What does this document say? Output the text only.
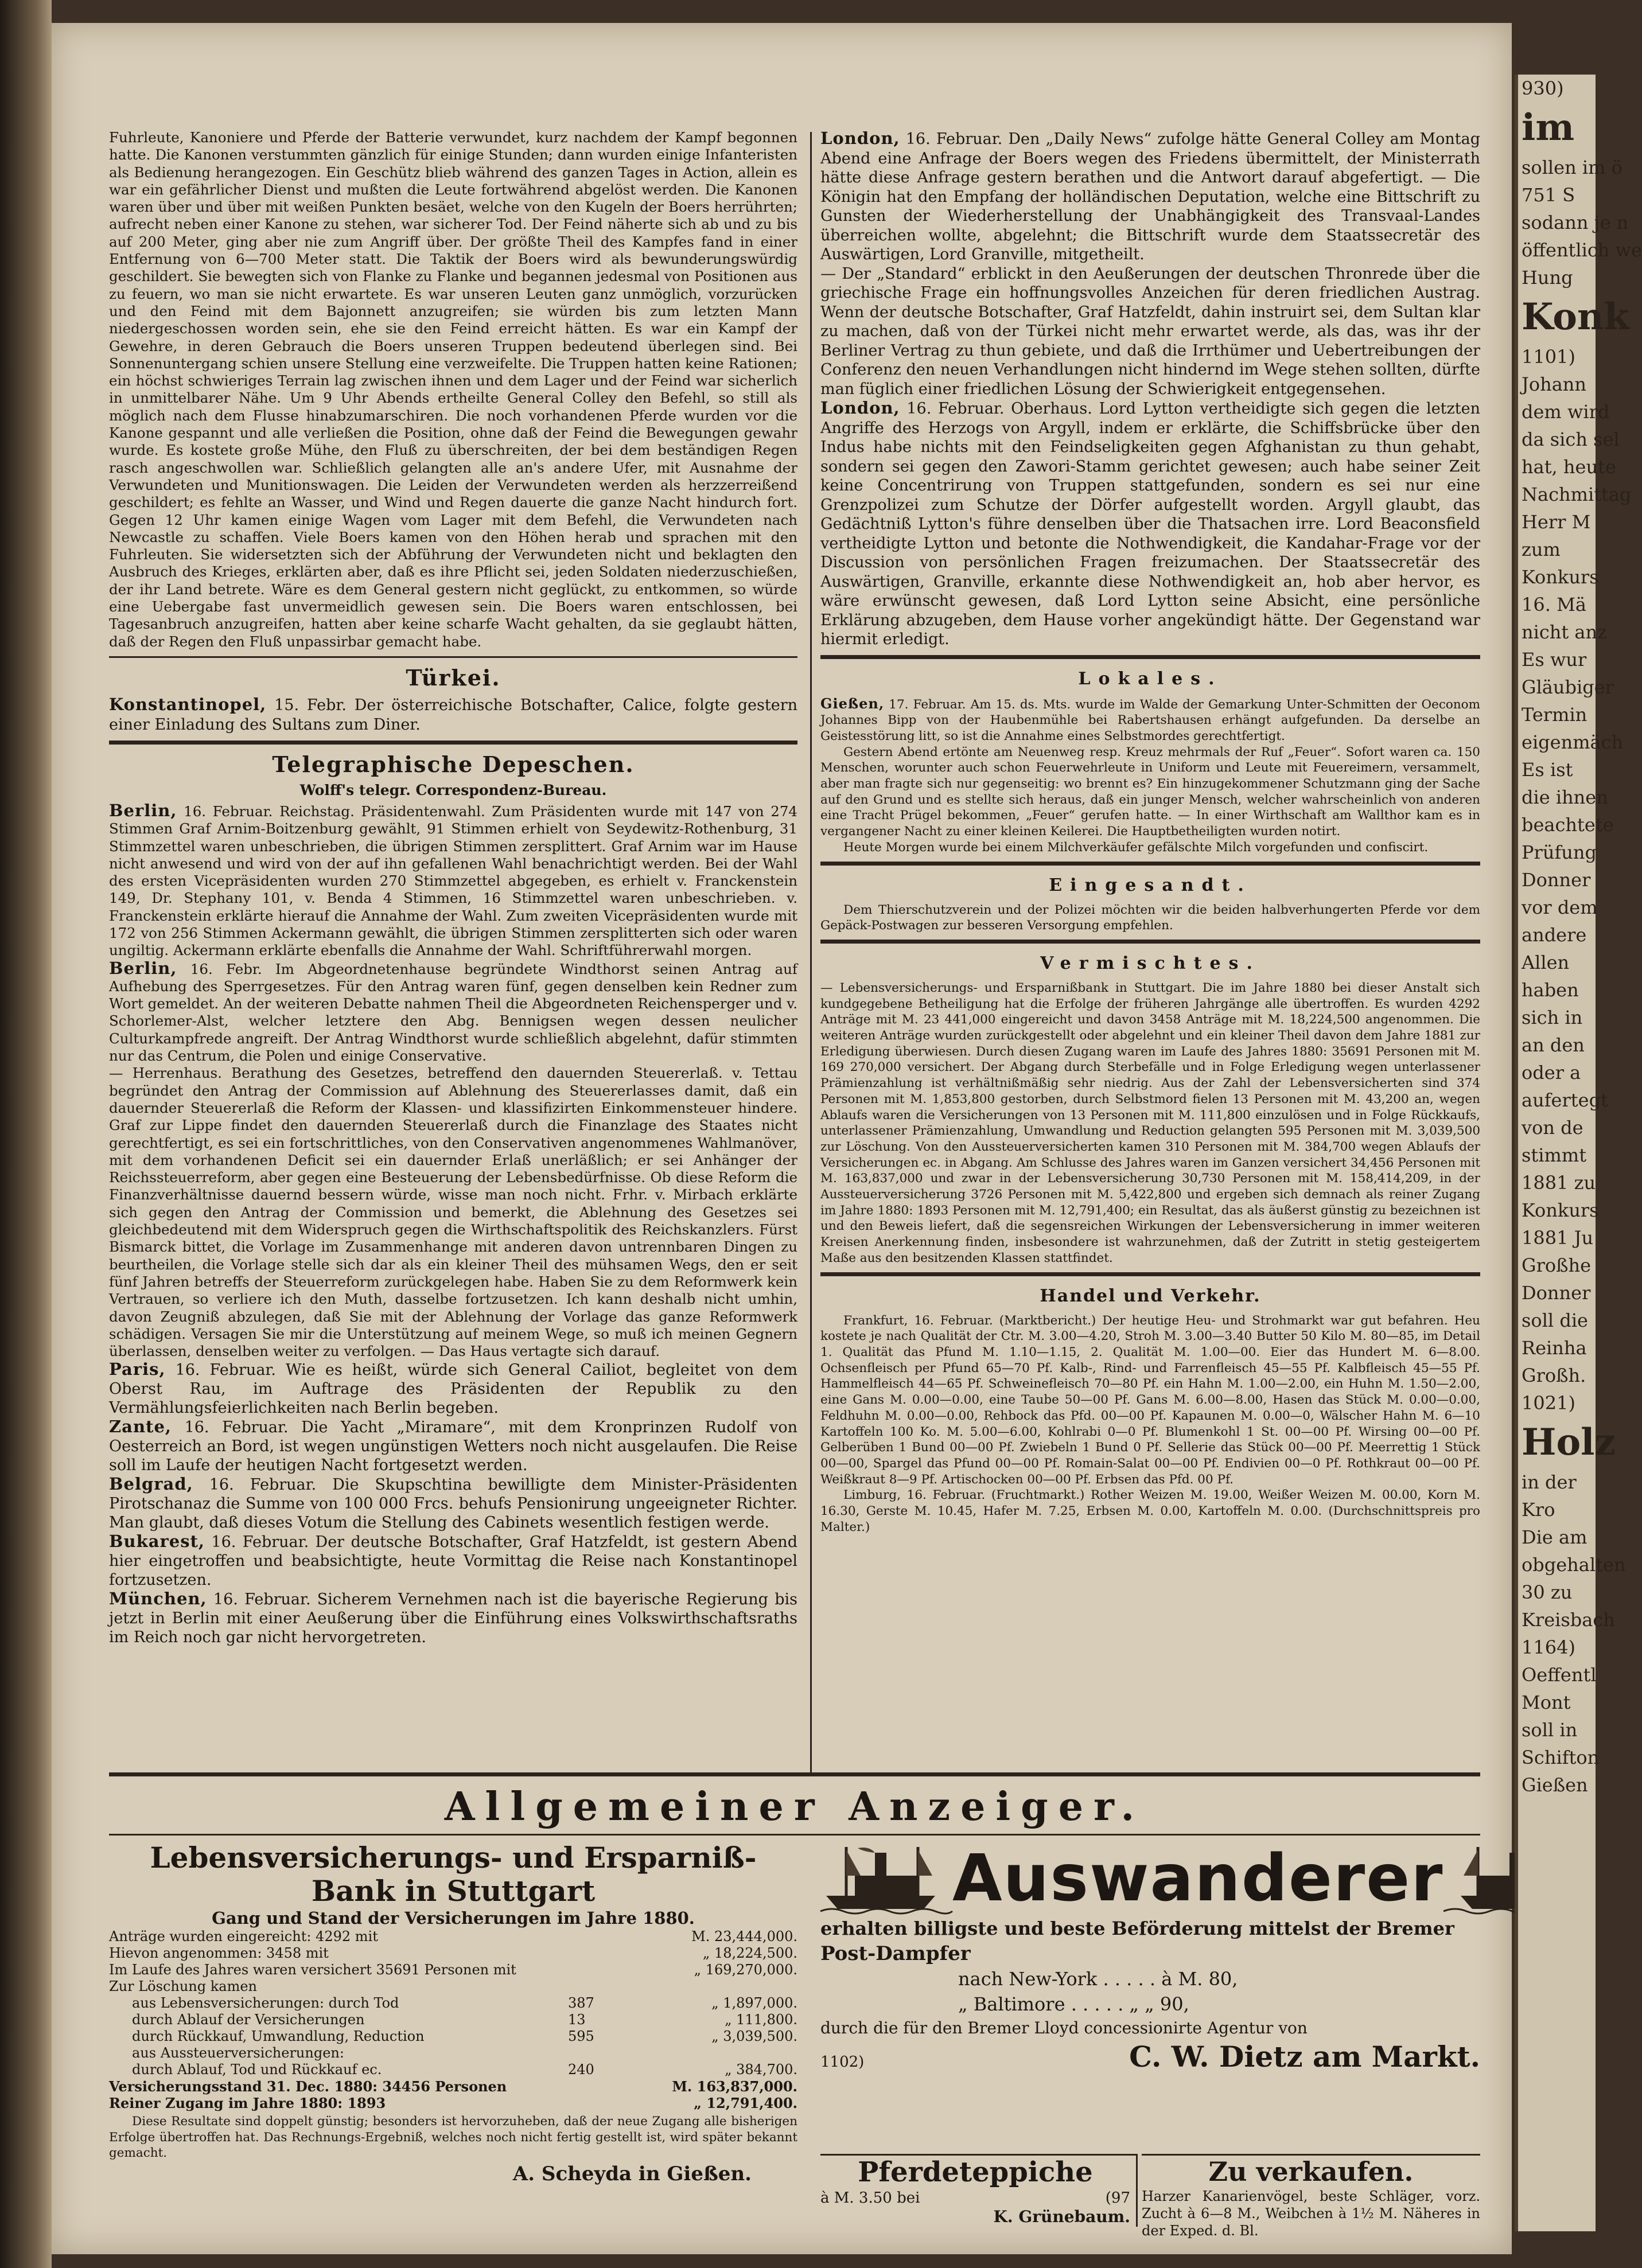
Fuhrleute, Kanoniere und Pferde der Batterie verwundet, kurz nachdem der Kampf begonnen hatte. Die Kanonen verstummten gänzlich für einige Stunden; dann wurden einige Infanteristen als Bedienung herangezogen. Ein Geschütz blieb während des ganzen Tages in Action, allein es war ein gefährlicher Dienst und mußten die Leute fortwährend abgelöst werden. Die Kanonen waren über und über mit weißen Punkten besäet, welche von den Kugeln der Boers herrührten; aufrecht neben einer Kanone zu stehen, war sicherer Tod. Der Feind näherte sich ab und zu bis auf 200 Meter, ging aber nie zum Angriff über. Der größte Theil des Kampfes fand in einer Entfernung von 6—700 Meter statt. Die Taktik der Boers wird als bewunderungswürdig geschildert. Sie bewegten sich von Flanke zu Flanke und begannen jedesmal von Positionen aus zu feuern, wo man sie nicht erwartete. Es war unseren Leuten ganz unmöglich, vorzurücken und den Feind mit dem Bajonnett anzugreifen; sie würden bis zum letzten Mann niedergeschossen worden sein, ehe sie den Feind erreicht hätten. Es war ein Kampf der Gewehre, in deren Gebrauch die Boers unseren Truppen bedeutend überlegen sind. Bei Sonnenuntergang schien unsere Stellung eine verzweifelte. Die Truppen hatten keine Rationen; ein höchst schwieriges Terrain lag zwischen ihnen und dem Lager und der Feind war sicherlich in unmittelbarer Nähe. Um 9 Uhr Abends ertheilte General Colley den Befehl, so still als möglich nach dem Flusse hinabzumarschiren. Die noch vorhandenen Pferde wurden vor die Kanone gespannt und alle verließen die Position, ohne daß der Feind die Bewegungen gewahr wurde. Es kostete große Mühe, den Fluß zu überschreiten, der bei dem beständigen Regen rasch angeschwollen war. Schließlich gelangten alle an's andere Ufer, mit Ausnahme der Verwundeten und Munitionswagen. Die Leiden der Verwundeten werden als herzzerreißend geschildert; es fehlte an Wasser, und Wind und Regen dauerte die ganze Nacht hindurch fort. Gegen 12 Uhr kamen einige Wagen vom Lager mit dem Befehl, die Verwundeten nach Newcastle zu schaffen. Viele Boers kamen von den Höhen herab und sprachen mit den Fuhrleuten. Sie widersetzten sich der Abführung der Verwundeten nicht und beklagten den Ausbruch des Krieges, erklärten aber, daß es ihre Pflicht sei, jeden Soldaten niederzuschießen, der ihr Land betrete. Wäre es dem General gestern nicht geglückt, zu entkommen, so würde eine Uebergabe fast unvermeidlich gewesen sein. Die Boers waren entschlossen, bei Tagesanbruch anzugreifen, hatten aber keine scharfe Wacht gehalten, da sie geglaubt hätten, daß der Regen den Fluß unpassirbar gemacht habe.

Türkei.

Konstantinopel, 15. Febr. Der österreichische Botschafter, Calice, folgte gestern einer Einladung des Sultans zum Diner.

Telegraphische Depeschen.
Wolff's telegr. Correspondenz-Bureau.

Berlin, 16. Februar. Reichstag. Präsidentenwahl. Zum Präsidenten wurde mit 147 von 274 Stimmen Graf Arnim-Boitzenburg gewählt, 91 Stimmen erhielt von Seydewitz-Rothenburg, 31 Stimmzettel waren unbeschrieben, die übrigen Stimmen zersplittert. Graf Arnim war im Hause nicht anwesend und wird von der auf ihn gefallenen Wahl benachrichtigt werden. Bei der Wahl des ersten Vicepräsidenten wurden 270 Stimmzettel abgegeben, es erhielt v. Franckenstein 149, Dr. Stephany 101, v. Benda 4 Stimmen, 16 Stimmzettel waren unbeschrieben. v. Franckenstein erklärte hierauf die Annahme der Wahl. Zum zweiten Vicepräsidenten wurde mit 172 von 256 Stimmen Ackermann gewählt, die übrigen Stimmen zersplitterten sich oder waren ungiltig. Ackermann erklärte ebenfalls die Annahme der Wahl. Schriftführerwahl morgen.

Berlin, 16. Febr. Im Abgeordnetenhause begründete Windthorst seinen Antrag auf Aufhebung des Sperrgesetzes. Für den Antrag waren fünf, gegen denselben kein Redner zum Wort gemeldet. An der weiteren Debatte nahmen Theil die Abgeordneten Reichensperger und v. Schorlemer-Alst, welcher letztere den Abg. Bennigsen wegen dessen neulicher Culturkampfrede angreift. Der Antrag Windthorst wurde schließlich abgelehnt, dafür stimmten nur das Centrum, die Polen und einige Conservative.

— Herrenhaus. Berathung des Gesetzes, betreffend den dauernden Steuererlaß. v. Tettau begründet den Antrag der Commission auf Ablehnung des Steuererlasses damit, daß ein dauernder Steuererlaß die Reform der Klassen- und klassifizirten Einkommensteuer hindere. Graf zur Lippe findet den dauernden Steuererlaß durch die Finanzlage des Staates nicht gerechtfertigt, es sei ein fortschrittliches, von den Conservativen angenommenes Wahlmanöver, mit dem vorhandenen Deficit sei ein dauernder Erlaß unerläßlich; er sei Anhänger der Reichssteuerreform, aber gegen eine Besteuerung der Lebensbedürfnisse. Ob diese Reform die Finanzverhältnisse dauernd bessern würde, wisse man noch nicht. Frhr. v. Mirbach erklärte sich gegen den Antrag der Commission und bemerkt, die Ablehnung des Gesetzes sei gleichbedeutend mit dem Widerspruch gegen die Wirthschaftspolitik des Reichskanzlers. Fürst Bismarck bittet, die Vorlage im Zusammenhange mit anderen davon untrennbaren Dingen zu beurtheilen, die Vorlage stelle sich dar als ein kleiner Theil des mühsamen Wegs, den er seit fünf Jahren betreffs der Steuerreform zurückgelegen habe. Haben Sie zu dem Reformwerk kein Vertrauen, so verliere ich den Muth, dasselbe fortzusetzen. Ich kann deshalb nicht umhin, davon Zeugniß abzulegen, daß Sie mit der Ablehnung der Vorlage das ganze Reformwerk schädigen. Versagen Sie mir die Unterstützung auf meinem Wege, so muß ich meinen Gegnern überlassen, denselben weiter zu verfolgen. — Das Haus vertagte sich darauf.

Paris, 16. Februar. Wie es heißt, würde sich General Cailiot, begleitet von dem Oberst Rau, im Auftrage des Präsidenten der Republik zu den Vermählungsfeierlichkeiten nach Berlin begeben.

Zante, 16. Februar. Die Yacht „Miramare“, mit dem Kronprinzen Rudolf von Oesterreich an Bord, ist wegen ungünstigen Wetters noch nicht ausgelaufen. Die Reise soll im Laufe der heutigen Nacht fortgesetzt werden.

Belgrad, 16. Februar. Die Skupschtina bewilligte dem Minister-Präsidenten Pirotschanaz die Summe von 100 000 Frcs. behufs Pensionirung ungeeigneter Richter. Man glaubt, daß dieses Votum die Stellung des Cabinets wesentlich festigen werde.

Bukarest, 16. Februar. Der deutsche Botschafter, Graf Hatzfeldt, ist gestern Abend hier eingetroffen und beabsichtigte, heute Vormittag die Reise nach Konstantinopel fortzusetzen.

München, 16. Februar. Sicherem Vernehmen nach ist die bayerische Regierung bis jetzt in Berlin mit einer Aeußerung über die Einführung eines Volkswirthschaftsraths im Reich noch gar nicht hervorgetreten.

London, 16. Februar. Den „Daily News“ zufolge hätte General Colley am Montag Abend eine Anfrage der Boers wegen des Friedens übermittelt, der Ministerrath hätte diese Anfrage gestern berathen und die Antwort darauf abgefertigt. — Die Königin hat den Empfang der holländischen Deputation, welche eine Bittschrift zu Gunsten der Wiederherstellung der Unabhängigkeit des Transvaal-Landes überreichen wollte, abgelehnt; die Bittschrift wurde dem Staatssecretär des Auswärtigen, Lord Granville, mitgetheilt.

— Der „Standard“ erblickt in den Aeußerungen der deutschen Thronrede über die griechische Frage ein hoffnungsvolles Anzeichen für deren friedlichen Austrag. Wenn der deutsche Botschafter, Graf Hatzfeldt, dahin instruirt sei, dem Sultan klar zu machen, daß von der Türkei nicht mehr erwartet werde, als das, was ihr der Berliner Vertrag zu thun gebiete, und daß die Irrthümer und Uebertreibungen der Conferenz den neuen Verhandlungen nicht hindernd im Wege stehen sollten, dürfte man füglich einer friedlichen Lösung der Schwierigkeit entgegensehen.

London, 16. Februar. Oberhaus. Lord Lytton vertheidigte sich gegen die letzten Angriffe des Herzogs von Argyll, indem er erklärte, die Schiffsbrücke über den Indus habe nichts mit den Feindseligkeiten gegen Afghanistan zu thun gehabt, sondern sei gegen den Zawori-Stamm gerichtet gewesen; auch habe seiner Zeit keine Concentrirung von Truppen stattgefunden, sondern es sei nur eine Grenzpolizei zum Schutze der Dörfer aufgestellt worden. Argyll glaubt, das Gedächtniß Lytton's führe denselben über die Thatsachen irre. Lord Beaconsfield vertheidigte Lytton und betonte die Nothwendigkeit, die Kandahar-Frage vor der Discussion von persönlichen Fragen freizumachen. Der Staatssecretär des Auswärtigen, Granville, erkannte diese Nothwendigkeit an, hob aber hervor, es wäre erwünscht gewesen, daß Lord Lytton seine Absicht, eine persönliche Erklärung abzugeben, dem Hause vorher angekündigt hätte. Der Gegenstand war hiermit erledigt.

Lokales.

Gießen, 17. Februar. Am 15. ds. Mts. wurde im Walde der Gemarkung Unter-Schmitten der Oeconom Johannes Bipp von der Haubenmühle bei Rabertshausen erhängt aufgefunden. Da derselbe an Geistesstörung litt, so ist die Annahme eines Selbstmordes gerechtfertigt.

Gestern Abend ertönte am Neuenweg resp. Kreuz mehrmals der Ruf „Feuer“. Sofort waren ca. 150 Menschen, worunter auch schon Feuerwehrleute in Uniform und Leute mit Feuereimern, versammelt, aber man fragte sich nur gegenseitig: wo brennt es? Ein hinzugekommener Schutzmann ging der Sache auf den Grund und es stellte sich heraus, daß ein junger Mensch, welcher wahrscheinlich von anderen eine Tracht Prügel bekommen, „Feuer“ gerufen hatte. — In einer Wirthschaft am Wallthor kam es in vergangener Nacht zu einer kleinen Keilerei. Die Hauptbetheiligten wurden notirt.

Heute Morgen wurde bei einem Milchverkäufer gefälschte Milch vorgefunden und confiscirt.

Eingesandt.

Dem Thierschutzverein und der Polizei möchten wir die beiden halbverhungerten Pferde vor dem Gepäck-Postwagen zur besseren Versorgung empfehlen.

Vermischtes.

— Lebensversicherungs- und Ersparnißbank in Stuttgart. Die im Jahre 1880 bei dieser Anstalt sich kundgegebene Betheiligung hat die Erfolge der früheren Jahrgänge alle übertroffen. Es wurden 4292 Anträge mit M. 23 441,000 eingereicht und davon 3458 Anträge mit M. 18,224,500 angenommen. Die weiteren Anträge wurden zurückgestellt oder abgelehnt und ein kleiner Theil davon dem Jahre 1881 zur Erledigung überwiesen. Durch diesen Zugang waren im Laufe des Jahres 1880: 35691 Personen mit M. 169 270,000 versichert. Der Abgang durch Sterbefälle und in Folge Erledigung wegen unterlassener Prämienzahlung ist verhältnißmäßig sehr niedrig. Aus der Zahl der Lebensversicherten sind 374 Personen mit M. 1,853,800 gestorben, durch Selbstmord fielen 13 Personen mit M. 43,200 an, wegen Ablaufs waren die Versicherungen von 13 Personen mit M. 111,800 einzulösen und in Folge Rückkaufs, unterlassener Prämienzahlung, Umwandlung und Reduction gelangten 595 Personen mit M. 3,039,500 zur Löschung. Von den Aussteuerversicherten kamen 310 Personen mit M. 384,700 wegen Ablaufs der Versicherungen ec. in Abgang. Am Schlusse des Jahres waren im Ganzen versichert 34,456 Personen mit M. 163,837,000 und zwar in der Lebensversicherung 30,730 Personen mit M. 158,414,209, in der Aussteuerversicherung 3726 Personen mit M. 5,422,800 und ergeben sich demnach als reiner Zugang im Jahre 1880: 1893 Personen mit M. 12,791,400; ein Resultat, das als äußerst günstig zu bezeichnen ist und den Beweis liefert, daß die segensreichen Wirkungen der Lebensversicherung in immer weiteren Kreisen Anerkennung finden, insbesondere ist wahrzunehmen, daß der Zutritt in stetig gesteigertem Maße aus den besitzenden Klassen stattfindet.

Handel und Verkehr.

Frankfurt, 16. Februar. (Marktbericht.) Der heutige Heu- und Strohmarkt war gut befahren. Heu kostete je nach Qualität der Ctr. M. 3.00—4.20, Stroh M. 3.00—3.40 Butter 50 Kilo M. 80—85, im Detail 1. Qualität das Pfund M. 1.10—1.15, 2. Qualität M. 1.00—00. Eier das Hundert M. 6—8.00. Ochsenfleisch per Pfund 65—70 Pf. Kalb-, Rind- und Farrenfleisch 45—55 Pf. Kalbfleisch 45—55 Pf. Hammelfleisch 44—65 Pf. Schweinefleisch 70—80 Pf. ein Hahn M. 1.00—2.00, ein Huhn M. 1.50—2.00, eine Gans M. 0.00—0.00, eine Taube 50—00 Pf. Gans M. 6.00—8.00, Hasen das Stück M. 0.00—0.00, Feldhuhn M. 0.00—0.00, Rehbock das Pfd. 00—00 Pf. Kapaunen M. 0.00—0, Wälscher Hahn M. 6—10 Kartoffeln 100 Ko. M. 5.00—6.00, Kohlrabi 0—0 Pf. Blumenkohl 1 St. 00—00 Pf. Wirsing 00—00 Pf. Gelberüben 1 Bund 00—00 Pf. Zwiebeln 1 Bund 0 Pf. Sellerie das Stück 00—00 Pf. Meerrettig 1 Stück 00—00, Spargel das Pfund 00—00 Pf. Romain-Salat 00—00 Pf. Endivien 00—0 Pf. Rothkraut 00—00 Pf. Weißkraut 8—9 Pf. Artischocken 00—00 Pf. Erbsen das Pfd. 00 Pf.

Limburg, 16. Februar. (Fruchtmarkt.) Rother Weizen M. 19.00, Weißer Weizen M. 00.00, Korn M. 16.30, Gerste M. 10.45, Hafer M. 7.25, Erbsen M. 0.00, Kartoffeln M. 0.00. (Durchschnittspreis pro Malter.)

Allgemeiner Anzeiger.
Lebensversicherungs- und Ersparniß-
Bank in Stuttgart
Gang und Stand der Versicherungen im Jahre 1880.
Anträge wurden eingereicht: 4292 mit	M. 23,444,000.
Hievon angenommen: 3458 mit	„ 18,224,500.
Im Laufe des Jahres waren versichert 35691 Personen mit	„ 169,270,000.
Zur Löschung kamen
aus Lebensversicherungen: durch Tod	387	„ 1,897,000.
durch Ablauf der Versicherungen	13	„ 111,800.
durch Rückkauf, Umwandlung, Reduction	595	„ 3,039,500.
aus Aussteuerversicherungen:
durch Ablauf, Tod und Rückkauf ec.	240	„ 384,700.
Versicherungsstand 31. Dec. 1880: 34456 Personen	M. 163,837,000.
Reiner Zugang im Jahre 1880: 1893	„ 12,791,400.

Diese Resultate sind doppelt günstig; besonders ist hervorzuheben, daß der neue Zugang alle bisherigen Erfolge übertroffen hat. Das Rechnungs-Ergebniß, welches noch nicht fertig gestellt ist, wird später bekannt gemacht.

A. Scheyda in Gießen.
Auswanderer
erhalten billigste und beste Beförderung mittelst der Bremer
Post-Dampfer
nach New-York . . . . . à M. 80,
„ Baltimore . . . . . „ „ 90,
durch die für den Bremer Lloyd concessionirte Agentur von
1102)	C. W. Dietz am Markt.
Pferdeteppiche
à M. 3.50 bei	(97
K. Grünebaum.
Zu verkaufen.
Harzer Kanarienvögel, beste Schläger, vorz. Zucht à 6—8 M., Weibchen à 1½ M. Näheres in der Exped. d. Bl.
930)
im
sollen im ö
751 S
sodann je n
öffentlich we
Hung
Konk
1101)
Johann
dem wird
da sich sel
hat, heute
Nachmittag
Herr M
zum
Konkurs
16. Mä
nicht anz
Es wur
Gläubiger
Termin
eigenmäch
Es ist
die ihnen
beachtete
Prüfung
Donner
vor dem
andere
Allen
haben
sich in
an den
oder a
aufertegt
von de
stimmt
1881 zu
Konkurs
1881 Ju
Großhe
Donner
soll die
Reinha
Großh.
1021)
Holz
in der
Kro
Die am
obgehalten
30 zu
Kreisbach
1164)
Oeffentl
Mont
soll in
Schifton
Gießen
